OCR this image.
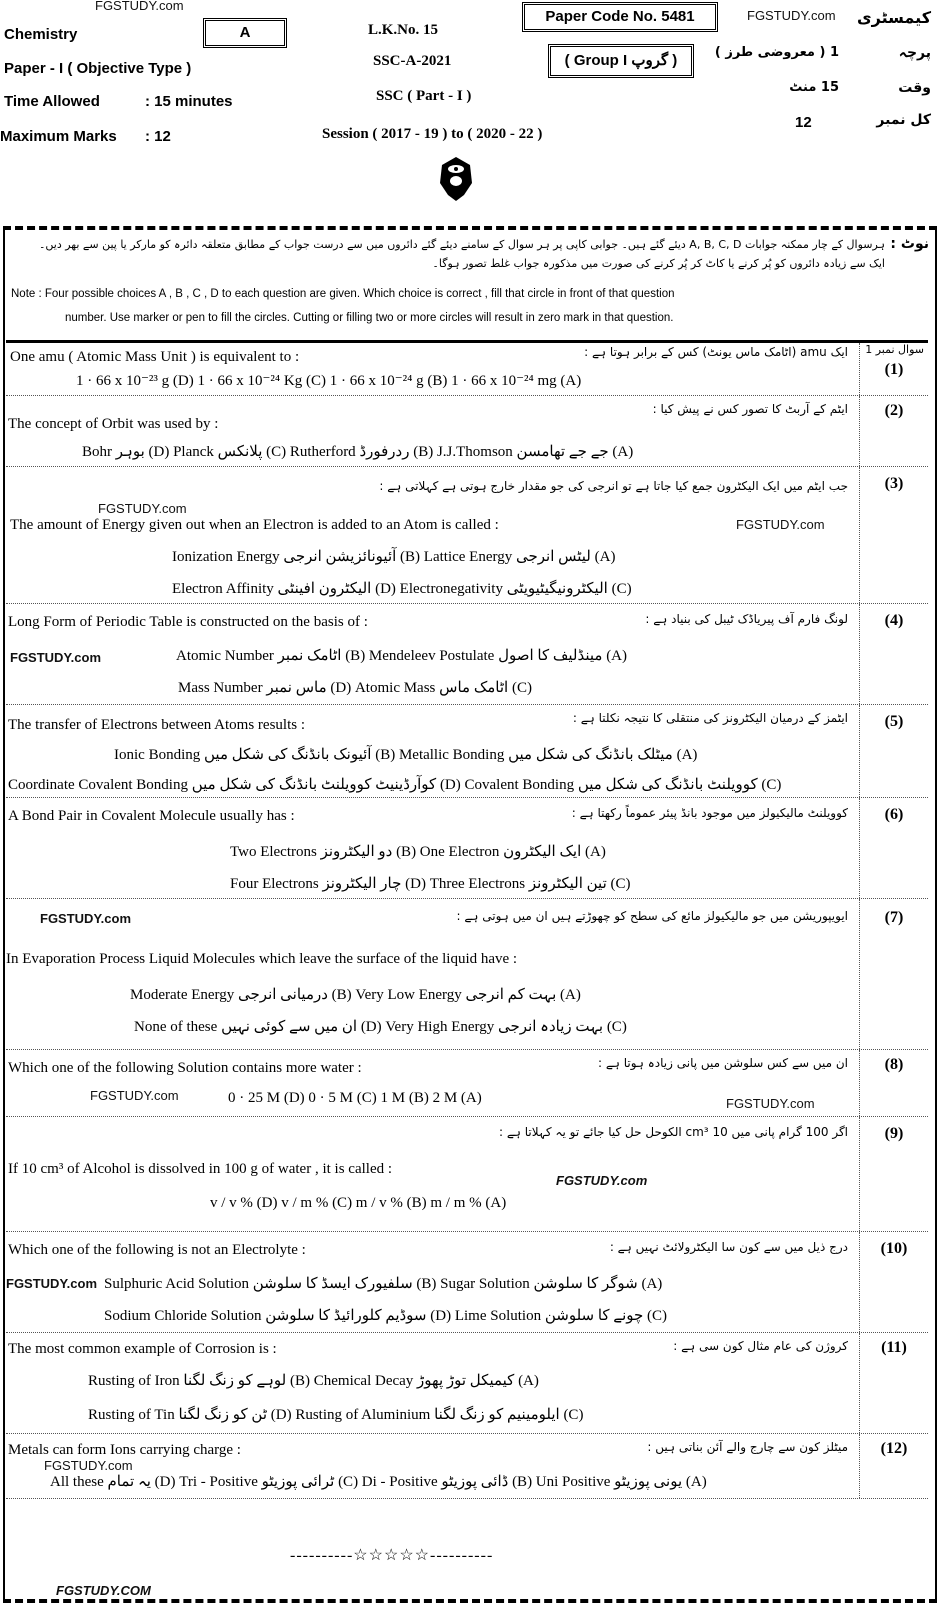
FGSTUDY.com
FGSTUDY.com
Chemistry	A
Paper - I ( Objective Type )
Time Allowed	: 15 minutes
Maximum Marks : 12
L.K.No. 15
SSC-A-2021
SSC ( Part - I )
Session ( 2017 - 19 ) to ( 2020 - 22 )
Paper Code No. 5481
( Group I گروپ )
کیمسٹری
پرچہ
1 ( معروضی طرز )
وقت
15 منٹ
کل نمبر
12
نوٹ :
ہرسوال کے چار ممکنہ جوابات A, B, C, D دیئے گئے ہیں۔ جوابی کاپی پر ہر سوال کے سامنے دیئے گئے دائروں میں سے درست جواب کے مطابق متعلقہ دائرہ کو مارکر یا پین سے بھر دیں۔
ایک سے زیادہ دائروں کو پُر کرنے یا کاٹ کر پُر کرنے کی صورت میں مذکورہ جواب غلط تصور ہوگا۔
Note : Four possible choices A , B , C , D to each question are given. Which choice is correct , fill that circle in front of that question
number. Use marker or pen to fill the circles. Cutting or filling two or more circles will result in zero mark in that question.
One amu ( Atomic Mass Unit ) is equivalent to :	ایک amu (اٹامک ماس یونٹ) کس کے برابر ہوتا ہے : سوال نمبر 1
1 · 66 x 10⁻²³ g (D) 1 · 66 x 10⁻²⁴ Kg (C) 1 · 66 x 10⁻²⁴ g (B) 1 · 66 x 10⁻²⁴ mg (A)
(1)
The concept of Orbit was used by :
ایٹم کے آربٹ کا تصور کس نے پیش کیا :
Bohr بوہر (D) Planck پلانکس (C) Rutherford ردرفورڈ (B) J.J.Thomson جے جے تھامسن (A)
(2)
جب ایٹم میں ایک الیکٹرون جمع کیا جاتا ہے تو انرجی کی جو مقدار خارج ہوتی ہے کہلاتی ہے :
FGSTUDY.com
The amount of Energy given out when an Electron is added to an Atom is called :	FGSTUDY.com
Ionization Energy آئیونائزیشن انرجی (B) Lattice Energy لیٹس انرجی (A)
Electron Affinity الیکٹرون افینٹی (D) Electronegativity الیکٹرونیگیٹیویٹی (C)
(3)
Long Form of Periodic Table is constructed on the basis of :	لونگ فارم آف پیریاڈک ٹیبل کی بنیاد ہے :
FGSTUDY.com	Atomic Number اٹامک نمبر (B) Mendeleev Postulate مینڈلیف کا اصول (A)
Mass Number ماس نمبر (D) Atomic Mass اٹامک ماس (C)
(4)
The transfer of Electrons between Atoms results :	ایٹمز کے درمیان الیکٹرونز کی منتقلی کا نتیجہ نکلتا ہے :
Ionic Bonding آئیونک بانڈنگ کی شکل میں (B) Metallic Bonding میٹلک بانڈنگ کی شکل میں (A)
Coordinate Covalent Bonding کوآرڈینیٹ کوویلنٹ بانڈنگ کی شکل میں (D) Covalent Bonding کوویلنٹ بانڈنگ کی شکل میں (C)
(5)
A Bond Pair in Covalent Molecule usually has :	کوویلنٹ مالیکیولز میں موجود بانڈ پیئر عموماً رکھتا ہے :
Two Electrons دو الیکٹرونز (B) One Electron ایک الیکٹرون (A)
Four Electrons چار الیکٹرونز (D) Three Electrons تین الیکٹرونز (C)
(6)
FGSTUDY.com	ایویپوریشن میں جو مالیکیولز مائع کی سطح کو چھوڑتے ہیں ان میں ہوتی ہے :
In Evaporation Process Liquid Molecules which leave the surface of the liquid have :
Moderate Energy درمیانی انرجی (B) Very Low Energy بہت کم انرجی (A)
None of these ان میں سے کوئی نہیں (D) Very High Energy بہت زیادہ انرجی (C)
(7)
Which one of the following Solution contains more water :	ان میں سے کس سلوشن میں پانی زیادہ ہوتا ہے :
FGSTUDY.com	0 · 25 M (D) 0 · 5 M (C) 1 M (B) 2 M (A)	FGSTUDY.com
(8)
اگر 100 گرام پانی میں 10 cm³ الکوحل حل کیا جائے تو یہ کہلاتا ہے :
If 10 cm³ of Alcohol is dissolved in 100 g of water , it is called :
FGSTUDY.com
v / v % (D) v / m % (C) m / v % (B) m / m % (A)
(9)
Which one of the following is not an Electrolyte :	درج ذیل میں سے کون سا الیکٹرولائٹ نہیں ہے :
FGSTUDY.com Sulphuric Acid Solution سلفیورک ایسڈ کا سلوشن (B) Sugar Solution شوگر کا سلوشن (A)
Sodium Chloride Solution سوڈیم کلورائیڈ کا سلوشن (D) Lime Solution چونے کا سلوشن (C)
(10)
The most common example of Corrosion is :	کروژن کی عام مثال کون سی ہے :
Rusting of Iron لوہے کو زنگ لگنا (B) Chemical Decay کیمیکل توڑ پھوڑ (A)
Rusting of Tin ٹن کو زنگ لگنا (D) Rusting of Aluminium ایلومینیم کو زنگ لگنا (C)
(11)
Metals can form Ions carrying charge :	میٹلز کون سے چارج والے آئن بناتی ہیں :
FGSTUDY.com
All these یہ تمام (D) Tri - Positive ٹرائی پوزیٹو (C) Di - Positive ڈائی پوزیٹو (B) Uni Positive یونی پوزیٹو (A)
(12)
----------☆☆☆☆☆----------
FGSTUDY.COM
